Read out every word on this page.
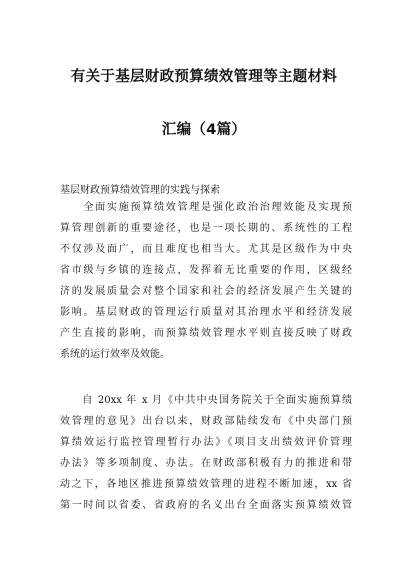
有关于基层财政预算绩效管理等主题材料
汇编（4篇）
基层财政预算绩效管理的实践与探索
　　全面实施预算绩效管理是强化政治治理效能及实现预
算管理创新的重要途径，也是一项长期的、系统性的工程
不仅涉及面广，而且难度也相当大。尤其是区级作为中央
省市级与乡镇的连接点，发挥着无比重要的作用，区级经
济的发展质量会对整个国家和社会的经济发展产生关键的
影响。基层财政的管理运行质量对其治理水平和经济发展
产生直接的影响，而预算绩效管理水平则直接反映了财政
系统的运行效率及效能。
　　自 20xx 年 x 月《中共中央国务院关于全面实施预算绩
效管理的意见》出台以来，财政部陆续发布《中央部门预
算绩效运行监控管理暂行办法》《项目支出绩效评价管理
办法》等多项制度、办法。在财政部积极有力的推进和带
动之下，各地区推进预算绩效管理的进程不断加速，xx 省
第一时间以省委、省政府的名义出台全面落实预算绩效管
